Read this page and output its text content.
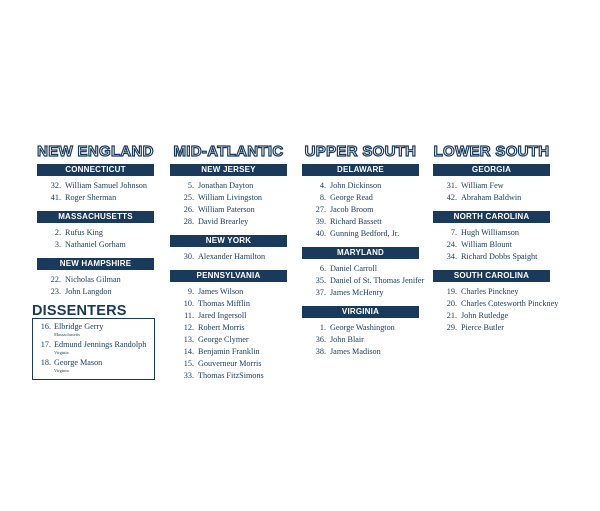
NEW ENGLAND
CONNECTICUT
32. William Samuel Johnson
41. Roger Sherman
MASSACHUSETTS
2. Rufus King
3. Nathaniel Gorham
NEW HAMPSHIRE
22. Nicholas Gilman
23. John Langdon
DISSENTERS
16. Elbridge Gerry
Massachusetts
17. Edmund Jennings Randolph
Virginia
18. George Mason
Virginia
MID-ATLANTIC
NEW JERSEY
5. Jonathan Dayton
25. William Livingston
26. William Paterson
28. David Brearley
NEW YORK
30. Alexander Hamilton
PENNSYLVANIA
9. James Wilson
10. Thomas Mifflin
11. Jared Ingersoll
12. Robert Morris
13. George Clymer
14. Benjamin Franklin
15. Gouverneur Morris
33. Thomas FitzSimons
UPPER SOUTH
DELAWARE
4. John Dickinson
8. George Read
27. Jacob Broom
39. Richard Bassett
40. Gunning Bedford, Jr.
MARYLAND
6. Daniel Carroll
35. Daniel of St. Thomas Jenifer
37. James McHenry
VIRGINIA
1. George Washington
36. John Blair
38. James Madison
LOWER SOUTH
GEORGIA
31. William Few
42. Abraham Baldwin
NORTH CAROLINA
7. Hugh Williamson
24. William Blount
34. Richard Dobbs Spaight
SOUTH CAROLINA
19. Charles Pinckney
20. Charles Cotesworth Pinckney
21. John Rutledge
29. Pierce Butler
